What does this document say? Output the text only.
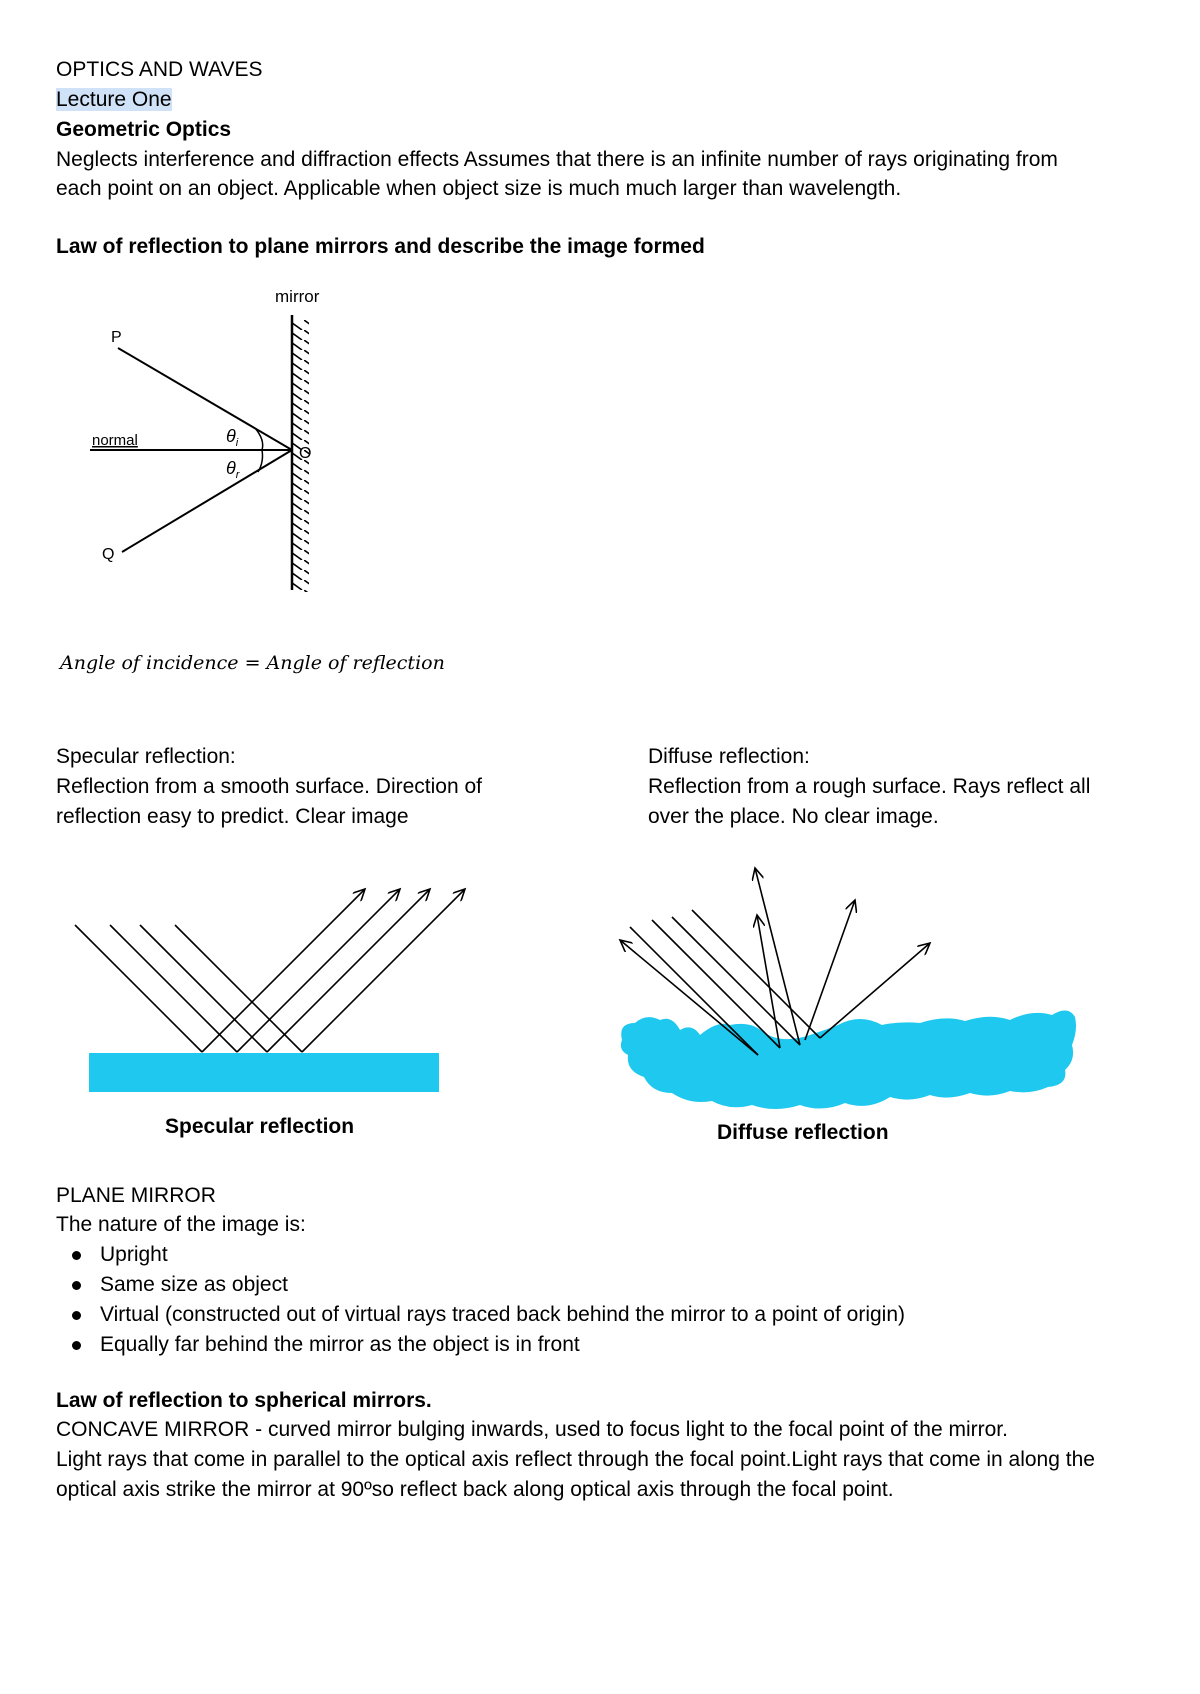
OPTICS AND WAVES
Lecture One
Geometric Optics
Neglects interference and diffraction effects Assumes that there is an infinite number of rays originating from
each point on an object. Applicable when object size is much much larger than wavelength.
Law of reflection to plane mirrors and describe the image formed
mirror
normal
P
Q
O
$\theta_i$
$\theta_r$
Angle of incidence = Angle of reflection
Specular reflection:
Reflection from a smooth surface. Direction of
reflection easy to predict. Clear image
Diffuse reflection:
Reflection from a rough surface. Rays reflect all
over the place. No clear image.
Specular reflection	Diffuse reflection
PLANE MIRROR
The nature of the image is:
Upright
Same size as object
Virtual (constructed out of virtual rays traced back behind the mirror to a point of origin)
Equally far behind the mirror as the object is in front
Law of reflection to spherical mirrors.
CONCAVE MIRROR - curved mirror bulging inwards, used to focus light to the focal point of the mirror.
Light rays that come in parallel to the optical axis reflect through the focal point.Light rays that come in along the
optical axis strike the mirror at 90ºso reflect back along optical axis through the focal point.
